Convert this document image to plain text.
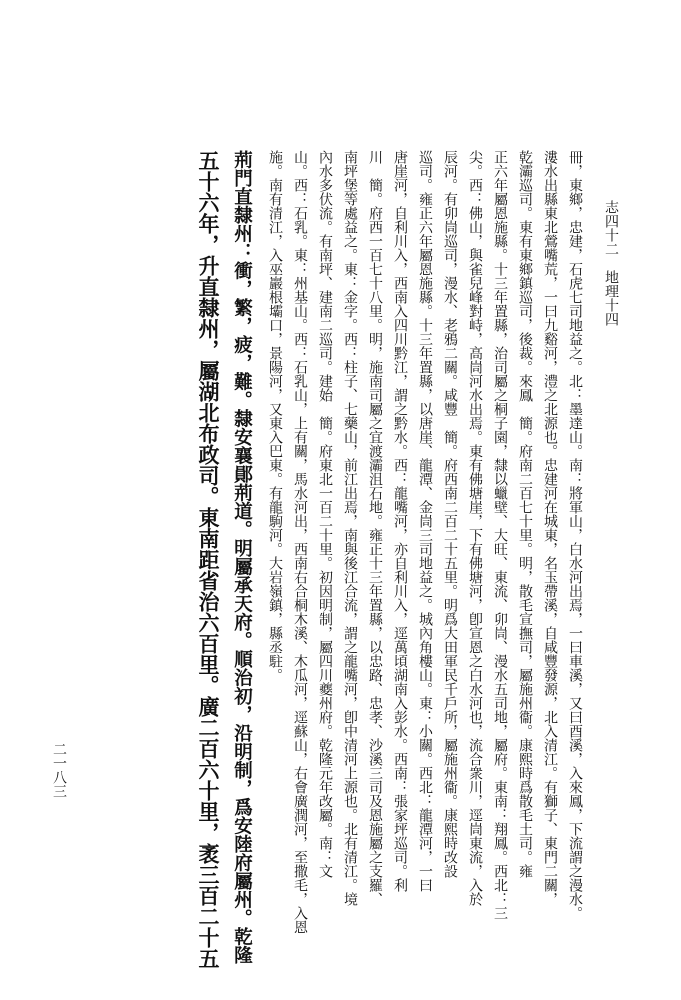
二一八三
志四十二　地理十四
冊，東鄉，忠建，石虎七司地益之。北：墨達山。南：將軍山，白水河出焉，一曰車溪，又曰酉溪，入來鳳，下流謂之漫水。
漊水出縣東北鶯嘴荒，一曰九谿河，澧之北源也。忠建河在城東，名玉帶溪，自咸豐發源，北入清江。有獅子、東門二關，
乾灞巡司。東有東鄉鎮巡司，後裁。來鳳　簡。府南二百七十里。明，散毛宣撫司，屬施州衞。康熙時爲散毛土司。雍
正六年屬恩施縣。十三年置縣，治司屬之桐子園，隸以蠟壁、大旺、東流、卯峝、漫水五司地，屬府。東南：翔鳳。西北：三
尖。西：佛山，與雀兒峰對峙，高峝河水出焉。東有佛塘崖，下有佛塘河，卽宣恩之白水河也，流合衆川，逕峝東流，入於
辰河。有卯峝巡司，漫水、老鴉二關。咸豐　簡。府西南二百二十五里。明爲大田軍民千戶所，屬施州衞。康熙時改設
巡司。雍正六年屬恩施縣。十三年置縣，以唐崖、龍潭、金峝三司地益之。城內角樓山。東：小關。西北：龍潭河，一曰
唐崖河，自利川入，西南入四川黔江，謂之黔水。西：龍嘴河，亦自利川入，逕萬頃湖南入彭水。西南：張家坪巡司。利
川　簡。府西一百七十八里。明，施南司屬之宜渡灞沮石地。雍正十三年置縣，以忠路、忠孝、沙溪三司及恩施屬之支羅、
南坪堡等處益之。東：金字。西：柱子、七藥山，前江出焉，南與後江合流，謂之龍嘴河，卽中清河上源也。北有清江。境
內水多伏流。有南坪、建南二巡司。建始　簡。府東北一百二十里。初因明制，屬四川夔州府。乾隆元年改屬。南：文
山。西：石乳。東：州基山。西：石乳山，上有關，馬水河出，西南右合桐木溪、木瓜河，逕蘇山，右會廣潤河，至撒毛，入恩
施。南有清江，入巫巖根壩口，景陽河，又東入巴東。有龍駒河。大岩嶺鎮，縣丞駐。
荊門直隸州：衝，繁，疲，難。隸安襄鄖荊道。明屬承天府。順治初，沿明制，爲安陸府屬州。乾隆
五十六年，升直隸州，屬湖北布政司。東南距省治六百里。廣二百六十里，袤三百二十五
